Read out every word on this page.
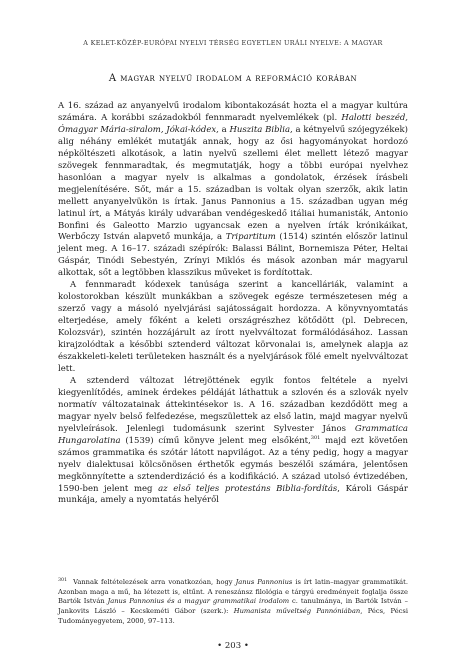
A KELET-KÖZÉP-EURÓPAI NYELVI TÉRSÉG EGYETLEN URÁLI NYELVE: A MAGYAR
A magyar nyelvű irodalom a reformáció korában

A 16. század az anyanyelvű irodalom kibontakozását hozta el a magyar kultúra számára. A korábbi századokból fennmaradt nyelvemlékek (pl. Halotti beszéd, Ómagyar Mária-siralom, Jókai-kódex, a Huszita Biblia, a kétnyelvű szójegyzékek) alig néhány emlékét mutatják annak, hogy az ősi hagyományokat hordozó népköltészeti alkotások, a latin nyelvű szellemi élet mellett létező magyar szövegek fennmaradtak, és megmutatják, hogy a többi európai nyelvhez hasonlóan a magyar nyelv is alkalmas a gondolatok, érzések írásbeli megjelenítésére. Sőt, már a 15. században is voltak olyan szerzők, akik latin mellett anyanyelvükön is írtak. Janus Pannonius a 15. században ugyan még latinul írt, a Mátyás király udvarában vendégeskedő itáliai humanisták, Antonio Bonfini és Galeotto Marzio ugyancsak ezen a nyelven írták krónikáikat, Werbőczy István alapvető munkája, a Tripartitum (1514) szintén először latinul jelent meg. A 16–17. századi szépírók: Balassi Bálint, Bornemisza Péter, Heltai Gáspár, Tinódi Sebestyén, Zrínyi Miklós és mások azonban már magyarul alkottak, sőt a legtöbben klasszikus műveket is fordítottak.

A fennmaradt kódexek tanúsága szerint a kancelláriák, valamint a kolostorokban készült munkákban a szövegek egésze természetesen még a szerző vagy a másoló nyelvjárási sajátosságait hordozza. A könyvnyomtatás elterjedése, amely főként a keleti országrészhez kötődött (pl. Debrecen, Kolozsvár), szintén hozzájárult az írott nyelvváltozat formálódásához. Lassan kirajzolódtak a későbbi sztenderd változat körvonalai is, amelynek alapja az északkeleti-keleti területeken használt és a nyelvjárások fölé emelt nyelvváltozat lett.

A sztenderd változat létrejöttének egyik fontos feltétele a nyelvi kiegyenlítődés, aminek érdekes példáját láthattuk a szlovén és a szlovák nyelv normatív változatainak áttekintésekor is. A 16. században kezdődött meg a magyar nyelv belső felfedezése, megszülettek az első latin, majd magyar nyelvű nyelvleírások. Jelenlegi tudomásunk szerint Sylvester János Grammatica Hungarolatina (1539) című könyve jelent meg elsőként,$^{301}$ majd ezt követően számos grammatika és szótár látott napvilágot. Az a tény pedig, hogy a magyar nyelv dialektusai kölcsönösen érthetők egymás beszélői számára, jelentősen megkönnyítette a sztenderdizáció és a kodifikáció. A század utolsó évtizedében, 1590-ben jelent meg az első teljes protestáns Biblia-fordítás, Károli Gáspár munkája, amely a nyomtatás helyéről

$^{301}$ Vannak feltételezések arra vonatkozóan, hogy Janus Pannonius is írt latin–magyar grammatikát. Azonban maga a mű, ha létezett is, eltűnt. A reneszánsz filológia e tárgyú eredményeit foglalja össze Bartók István Janus Pannonius és a magyar grammatikai irodalom c. tanulmánya, in Bartók István – Jankovits László – Kecskeméti Gábor (szerk.): Humanista műveltség Pannóniában, Pécs, Pécsi Tudományegyetem, 2000, 97–113.

• 203 •
